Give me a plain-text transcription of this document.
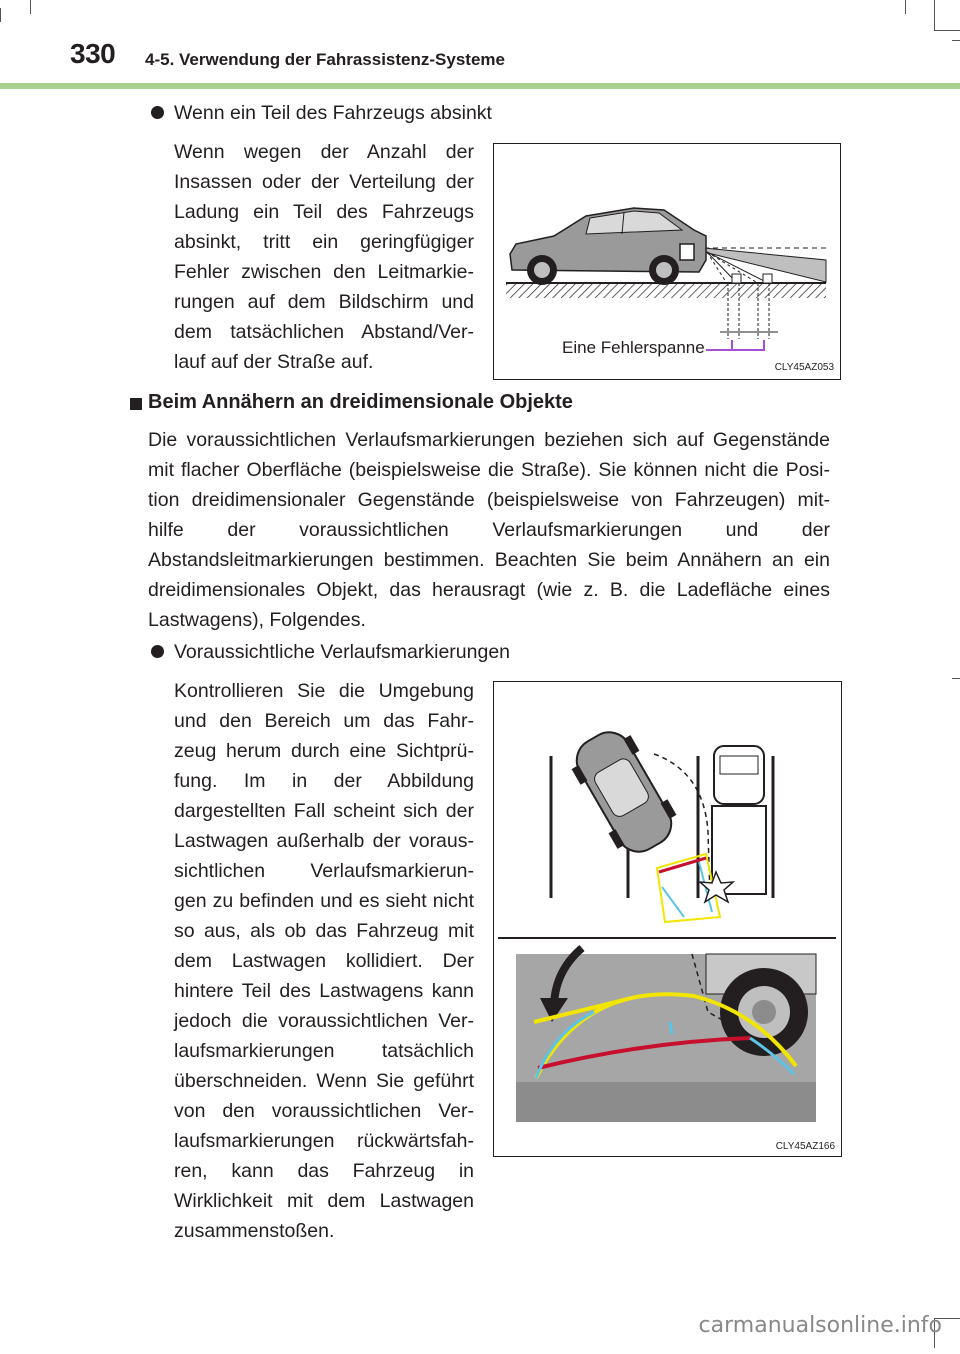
330 4-5. Verwendung der Fahrassistenz-Systeme
Wenn ein Teil des Fahrzeugs absinkt

Wenn wegen der Anzahl der

Insassen oder der Verteilung der

Ladung ein Teil des Fahrzeugs

absinkt, tritt ein geringfügiger

Fehler zwischen den Leitmarkie-

rungen auf dem Bildschirm und

dem tatsächlichen Abstand/Ver-

lauf auf der Straße auf.

Eine Fehlerspanne
CLY45AZ053
Beim Annähern an dreidimensionale Objekte

Die voraussichtlichen Verlaufsmarkierungen beziehen sich auf Gegenstände

mit flacher Oberfläche (beispielsweise die Straße). Sie können nicht die Posi-

tion dreidimensionaler Gegenstände (beispielsweise von Fahrzeugen) mit-

hilfe der voraussichtlichen Verlaufsmarkierungen und der

Abstandsleitmarkierungen bestimmen. Beachten Sie beim Annähern an ein

dreidimensionales Objekt, das herausragt (wie z. B. die Ladefläche eines

Lastwagens), Folgendes.

Voraussichtliche Verlaufsmarkierungen

Kontrollieren Sie die Umgebung

und den Bereich um das Fahr-

zeug herum durch eine Sichtprü-

fung. Im in der Abbildung

dargestellten Fall scheint sich der

Lastwagen außerhalb der voraus-

sichtlichen Verlaufsmarkierun-

gen zu befinden und es sieht nicht

so aus, als ob das Fahrzeug mit

dem Lastwagen kollidiert. Der

hintere Teil des Lastwagens kann

jedoch die voraussichtlichen Ver-

laufsmarkierungen tatsächlich

überschneiden. Wenn Sie geführt

von den voraussichtlichen Ver-

laufsmarkierungen rückwärtsfah-

ren, kann das Fahrzeug in

Wirklichkeit mit dem Lastwagen

zusammenstoßen.

CLY45AZ166
carmanualsonline.info
